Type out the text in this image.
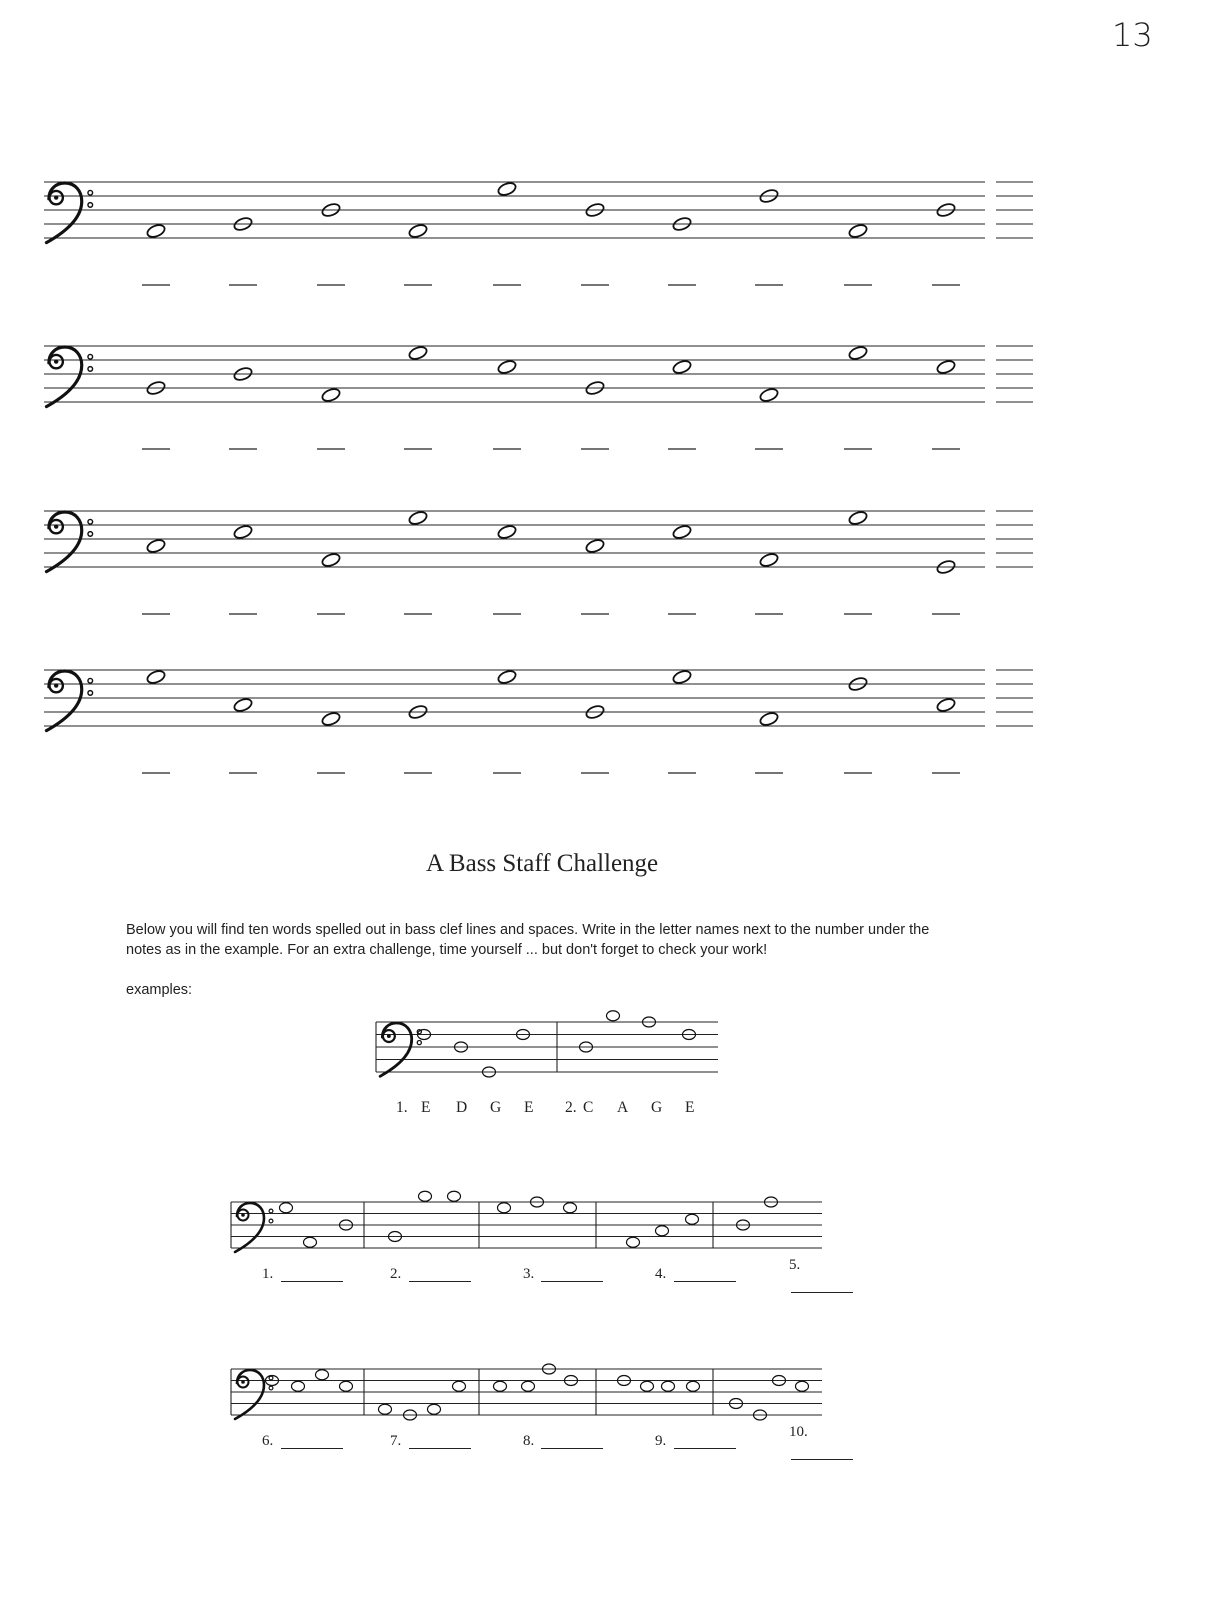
13
A Bass Staff Challenge
Below you will find ten words spelled out in bass clef lines and spaces. Write in the letter names next to the number under the notes as in the example. For an extra challenge, time yourself ... but don't forget to check your work!
examples:
1. E D G E 2. C A G E
1.	2.	3.	4.
5.
6.	7.	8.	9.
10.
